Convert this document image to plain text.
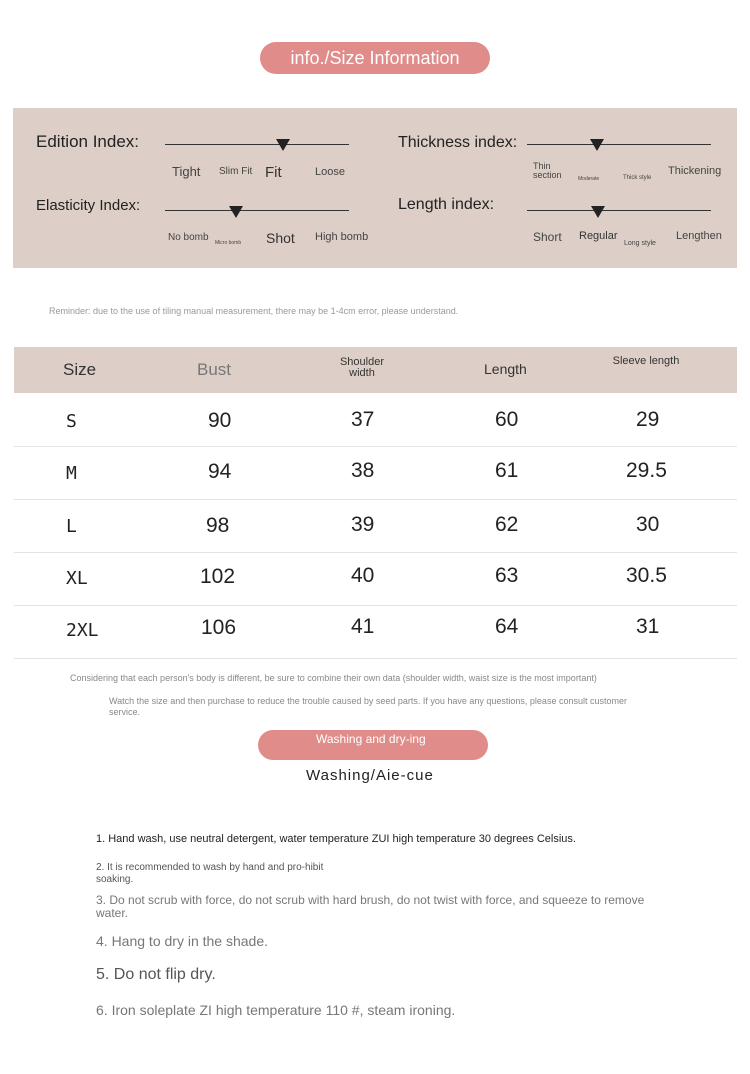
info./Size Information
Edition Index:
Tight Slim Fit Fit	Loose
Thickness index:
Thin section	Moderate	Thick style
Thickening
Elasticity Index:
No bomb Micro bomb Shot High bomb
Length index:
Short Regular
Long style
Lengthen
Reminder: due to the use of tiling manual measurement, there may be 1-4cm error, please understand.
Size	Bust	Shoulder width	Length	Sleeve length
S	90	37	60	29
M	94	38	61	29.5
L	98	39	62	30
XL	102	40	63	30.5
2XL	106	41	64	31
Considering that each person's body is different, be sure to combine their own data (shoulder width, waist size is the most important)
Watch the size and then purchase to reduce the trouble caused by seed parts. If you have any questions, please consult customer service.
Washing and dry-ing
Washing/Aie-cue
1. Hand wash, use neutral detergent, water temperature ZUI high temperature 30 degrees Celsius.
2. It is recommended to wash by hand and pro-hibit soaking.
3. Do not scrub with force, do not scrub with hard brush, do not twist with force, and squeeze to remove water.
4. Hang to dry in the shade.
5. Do not flip dry.
6. Iron soleplate ZI high temperature 110 #, steam ironing.
